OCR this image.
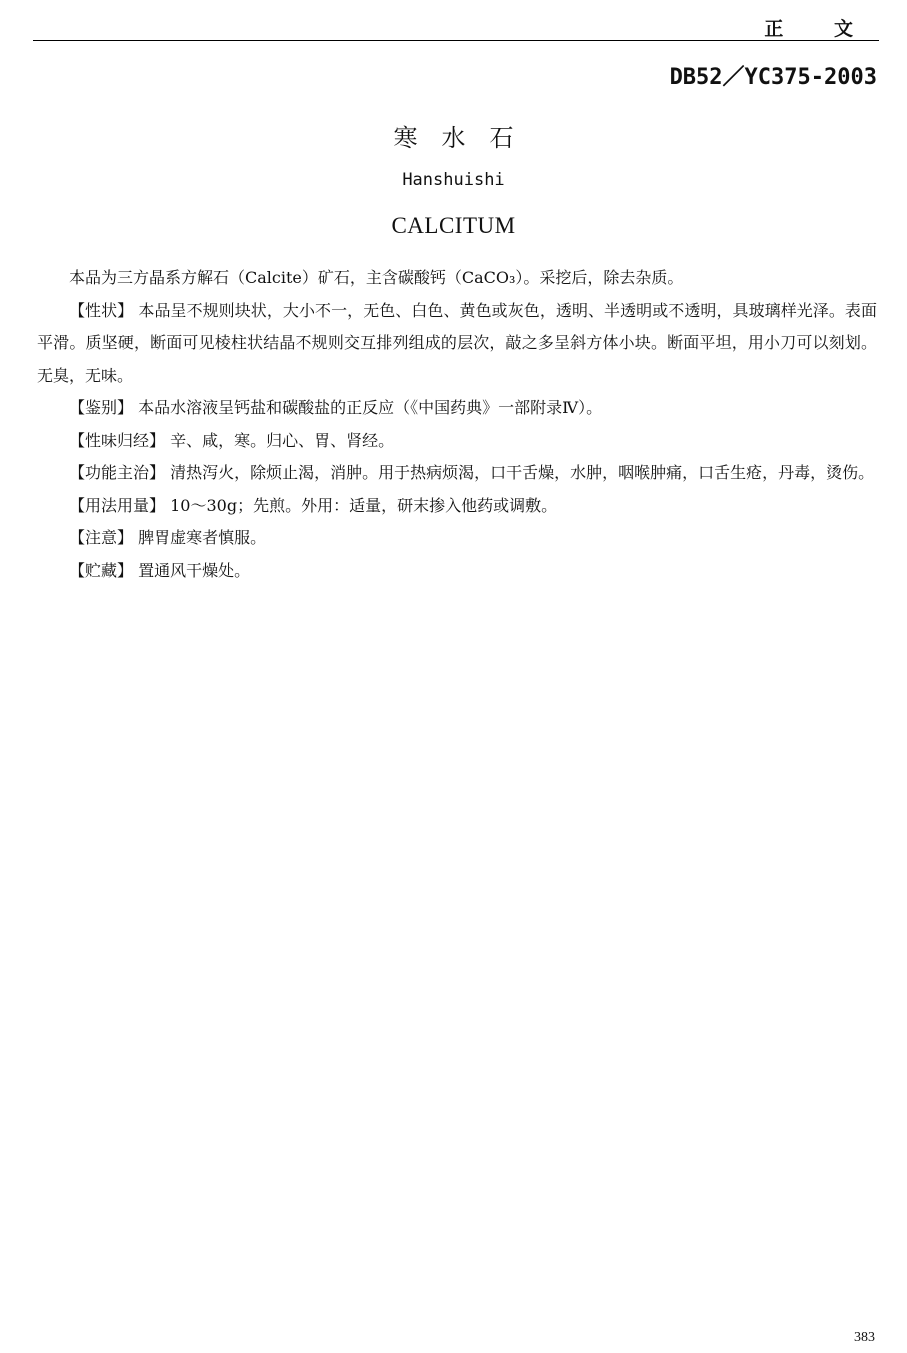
正 文
DB52／YC375-2003
寒水石
Hanshuishi
CALCITUM

本品为三方晶系方解石（Calcite）矿石，主含碳酸钙（CaCO₃）。采挖后，除去杂质。

【性状】 本品呈不规则块状，大小不一，无色、白色、黄色或灰色，透明、半透明或不透明，具玻璃样光泽。表面平滑。质坚硬，断面可见棱柱状结晶不规则交互排列组成的层次，敲之多呈斜方体小块。断面平坦，用小刀可以刻划。无臭，无味。

【鉴别】 本品水溶液呈钙盐和碳酸盐的正反应（《中国药典》一部附录Ⅳ）。

【性味归经】 辛、咸，寒。归心、胃、肾经。

【功能主治】 清热泻火，除烦止渴，消肿。用于热病烦渴，口干舌燥，水肿，咽喉肿痛，口舌生疮，丹毒，烫伤。

【用法用量】 10～30g；先煎。外用：适量，研末掺入他药或调敷。

【注意】 脾胃虚寒者慎服。

【贮藏】 置通风干燥处。

383
